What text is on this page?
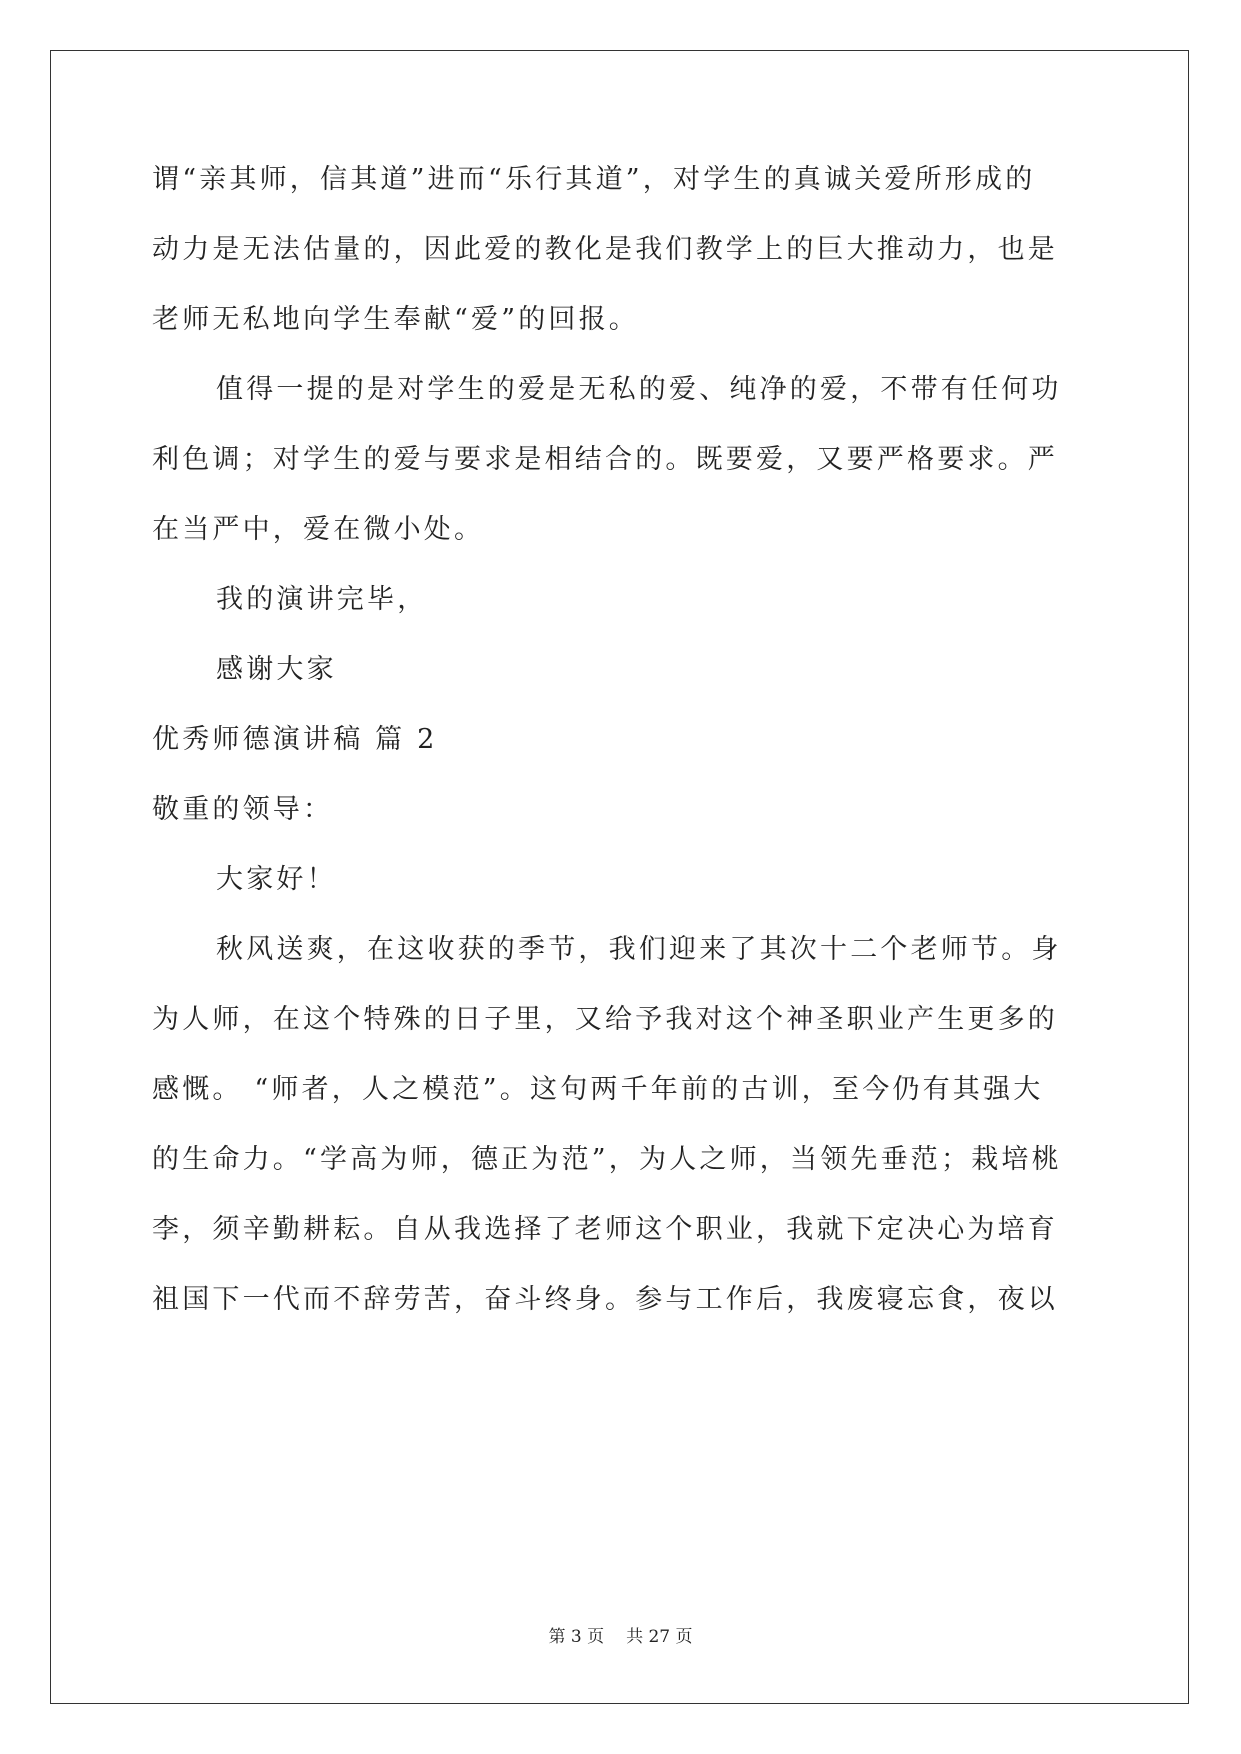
谓“亲其师，信其道”进而“乐行其道”，对学生的真诚关爱所形成的
动力是无法估量的，因此爱的教化是我们教学上的巨大推动力，也是
老师无私地向学生奉献“爱”的回报。
值得一提的是对学生的爱是无私的爱、纯净的爱，不带有任何功
利色调；对学生的爱与要求是相结合的。既要爱，又要严格要求。严
在当严中，爱在微小处。
我的演讲完毕，
感谢大家
优秀师德演讲稿 篇 2
敬重的领导：
大家好！
秋风送爽，在这收获的季节，我们迎来了其次十二个老师节。身
为人师，在这个特殊的日子里，又给予我对这个神圣职业产生更多的
感慨。 “师者，人之模范”。这句两千年前的古训，至今仍有其强大
的生命力。“学高为师，德正为范”，为人之师，当领先垂范；栽培桃
李，须辛勤耕耘。自从我选择了老师这个职业，我就下定决心为培育
祖国下一代而不辞劳苦，奋斗终身。参与工作后，我废寝忘食，夜以
第 3 页 共 27 页
